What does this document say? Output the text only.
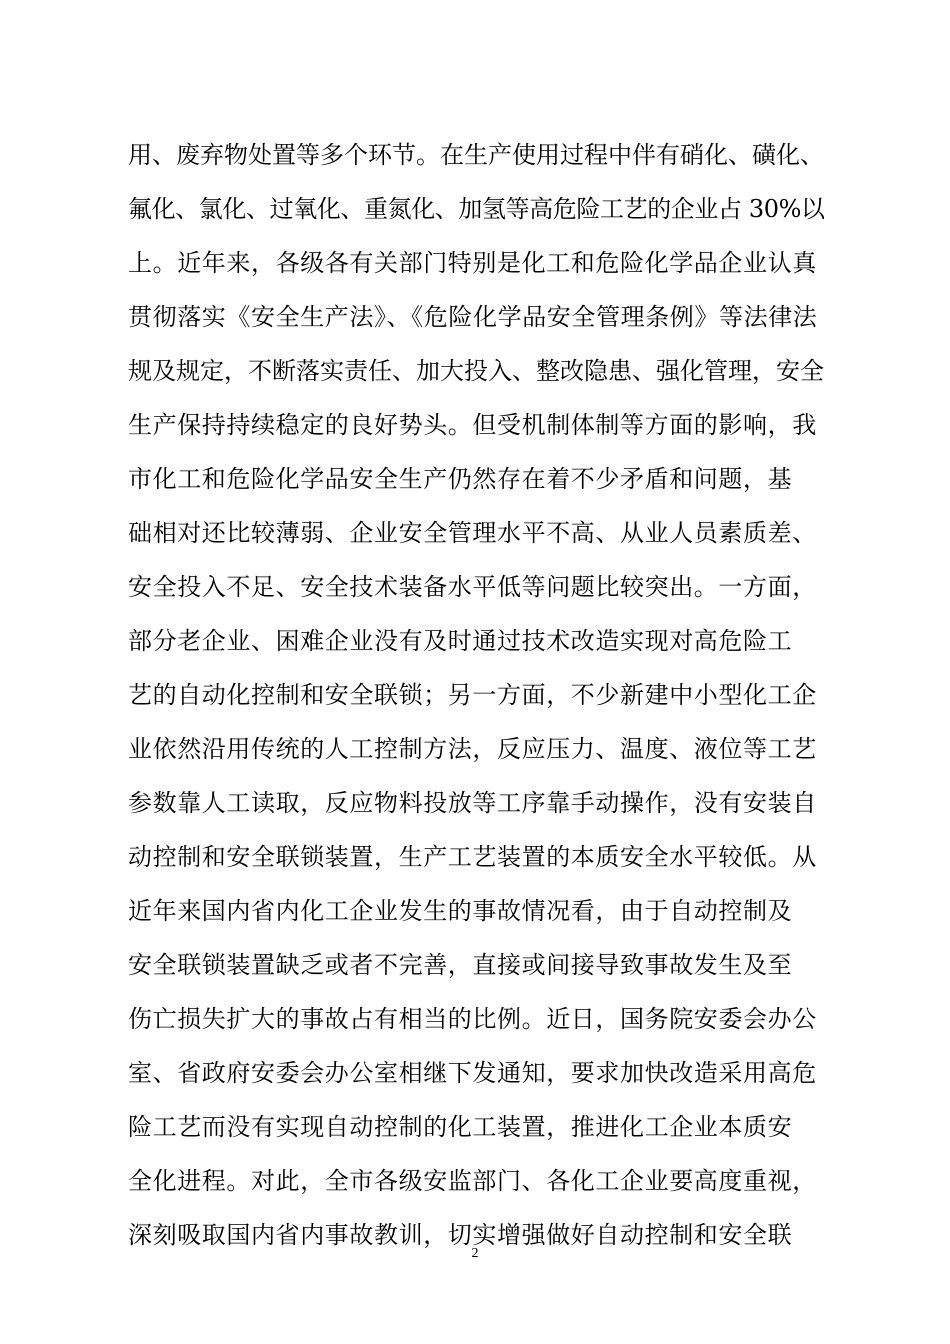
用、废弃物处置等多个环节。在生产使用过程中伴有硝化、磺化、
氟化、氯化、过氧化、重氮化、加氢等高危险工艺的企业占 30%以
上。近年来，各级各有关部门特别是化工和危险化学品企业认真
贯彻落实《安全生产法》、《危险化学品安全管理条例》等法律法
规及规定，不断落实责任、加大投入、整改隐患、强化管理，安全
生产保持持续稳定的良好势头。但受机制体制等方面的影响，我
市化工和危险化学品安全生产仍然存在着不少矛盾和问题，基
础相对还比较薄弱、企业安全管理水平不高、从业人员素质差、
安全投入不足、安全技术装备水平低等问题比较突出。一方面，
部分老企业、困难企业没有及时通过技术改造实现对高危险工
艺的自动化控制和安全联锁；另一方面，不少新建中小型化工企
业依然沿用传统的人工控制方法，反应压力、温度、液位等工艺
参数靠人工读取，反应物料投放等工序靠手动操作，没有安装自
动控制和安全联锁装置，生产工艺装置的本质安全水平较低。从
近年来国内省内化工企业发生的事故情况看，由于自动控制及
安全联锁装置缺乏或者不完善，直接或间接导致事故发生及至
伤亡损失扩大的事故占有相当的比例。近日，国务院安委会办公
室、省政府安委会办公室相继下发通知，要求加快改造采用高危
险工艺而没有实现自动控制的化工装置，推进化工企业本质安
全化进程。对此，全市各级安监部门、各化工企业要高度重视，
深刻吸取国内省内事故教训，切实增强做好自动控制和安全联
2
